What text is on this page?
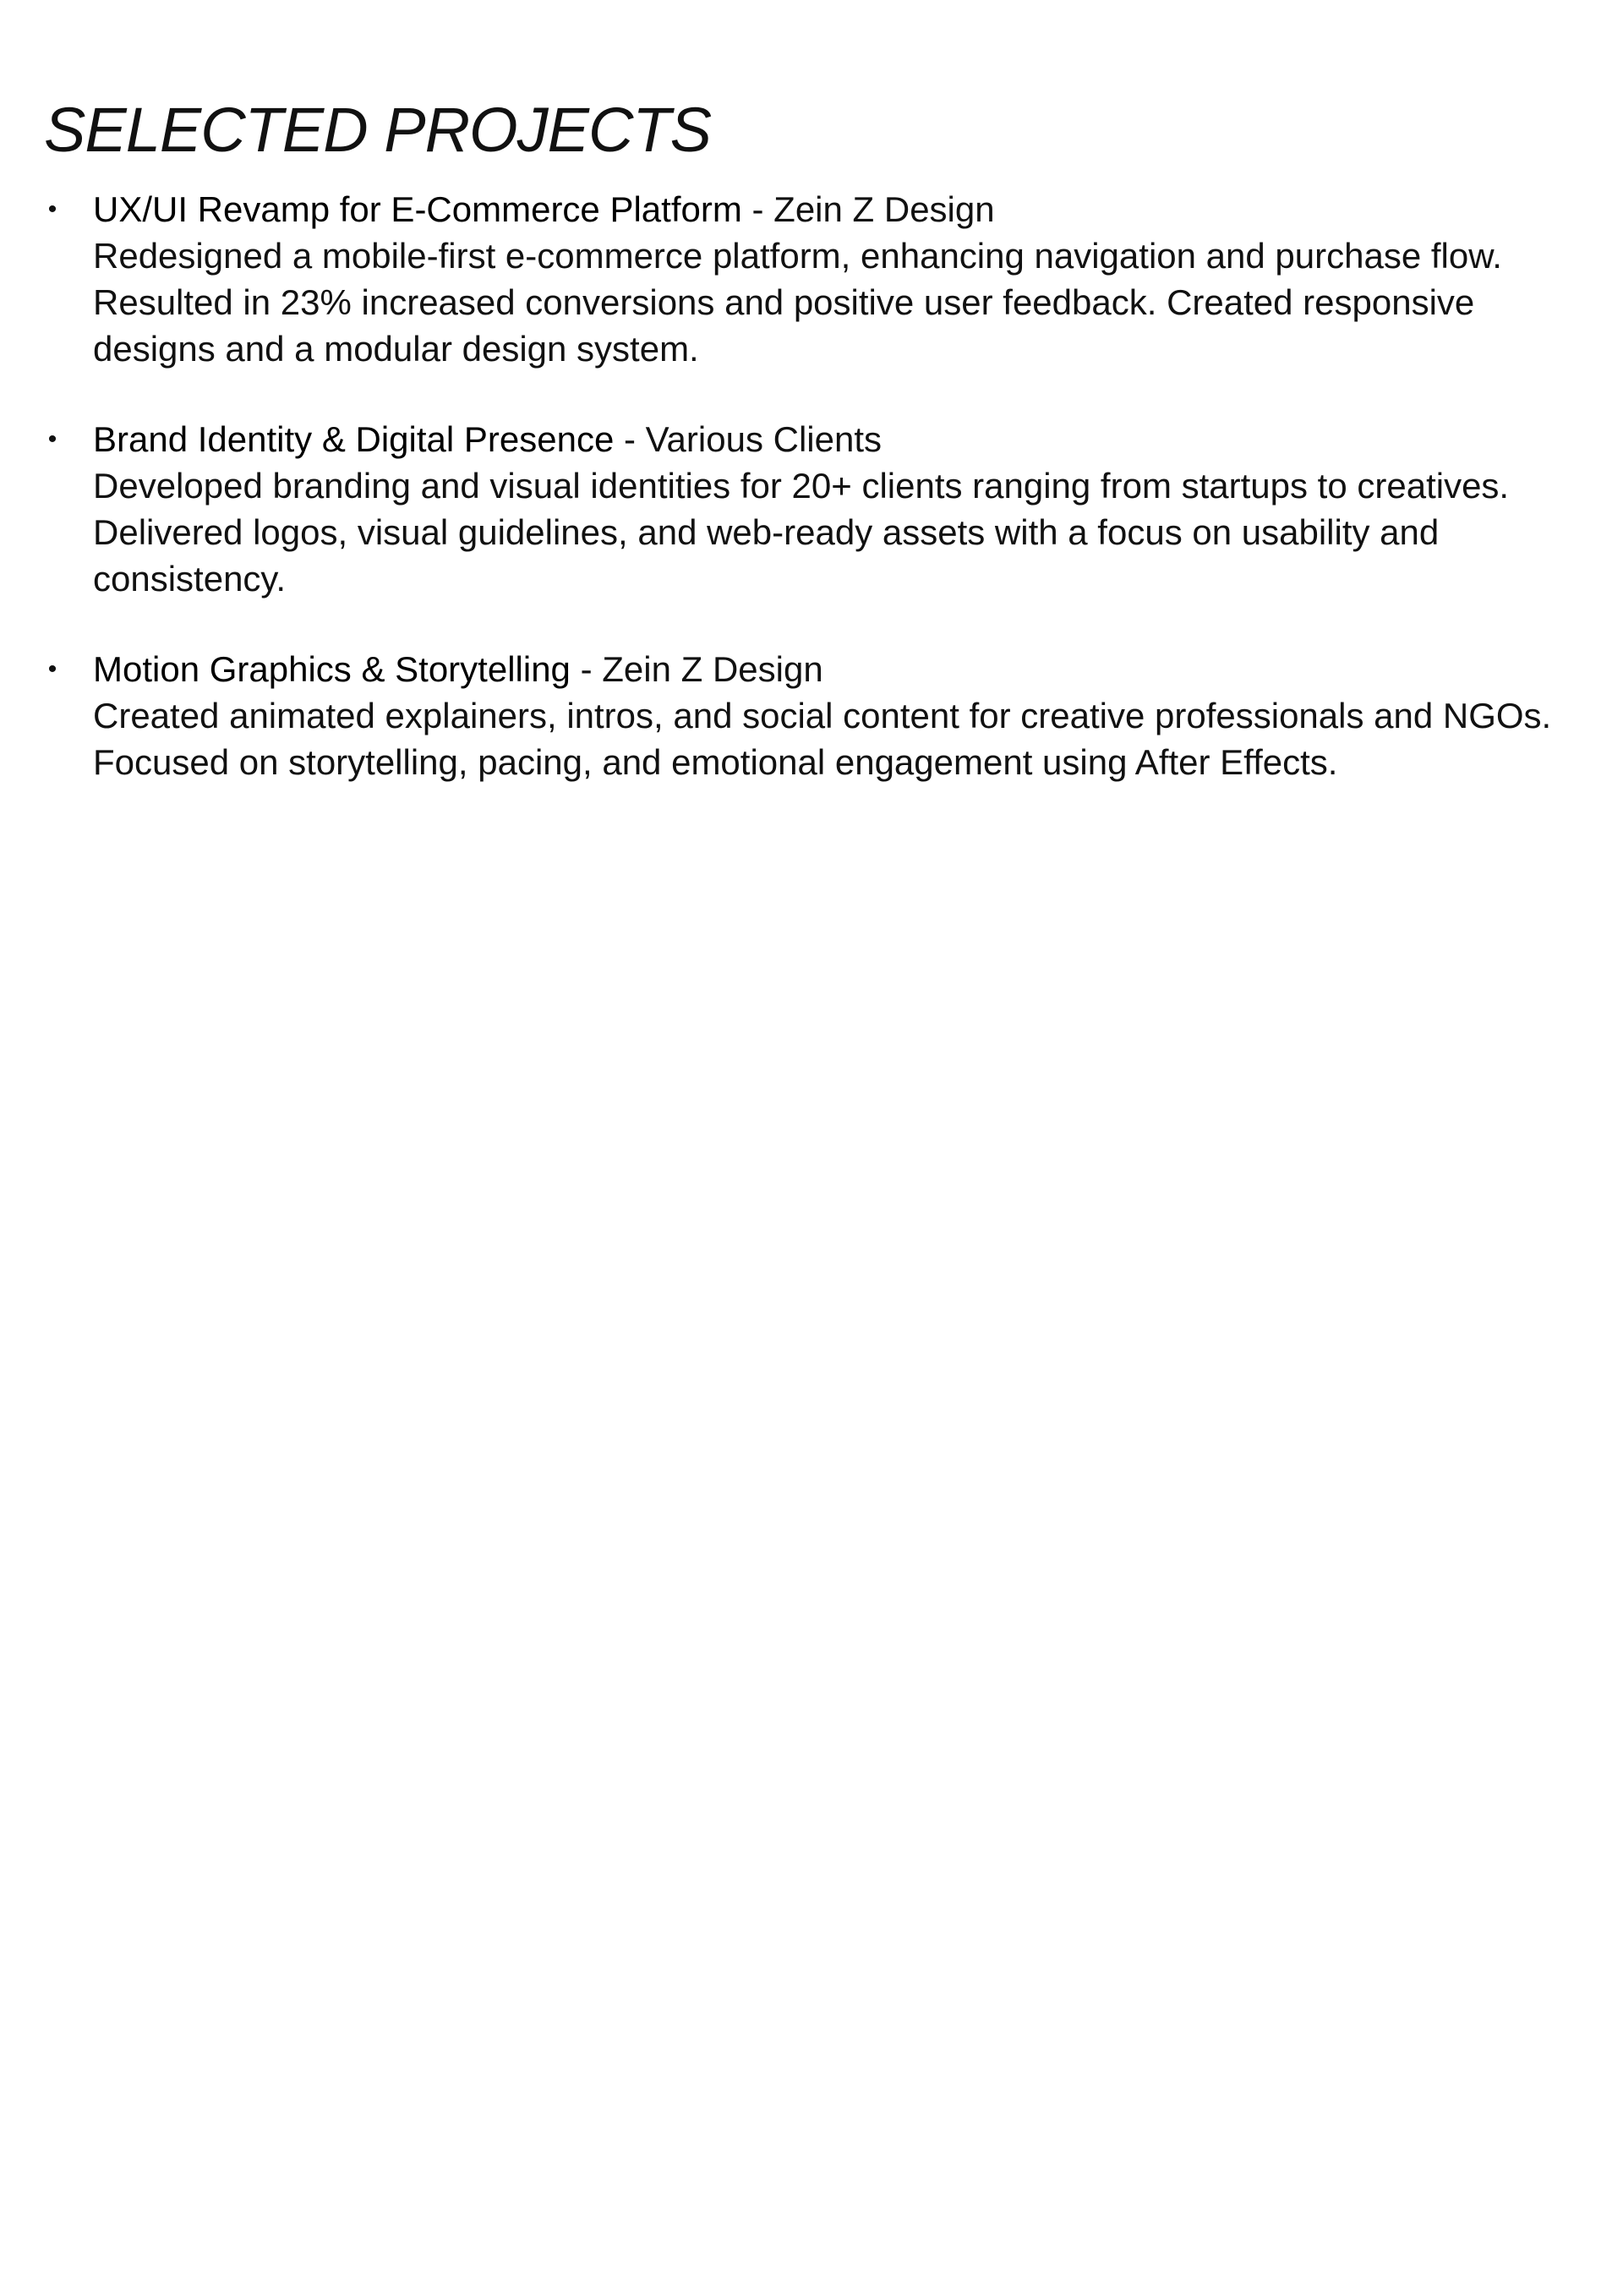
SELECTED PROJECTS
• UX/UI Revamp for E-Commerce Platform - Zein Z Design
Redesigned a mobile-first e-commerce platform, enhancing navigation and purchase flow. Resulted in 23% increased conversions and positive user feedback. Created responsive designs and a modular design system.
• Brand Identity & Digital Presence - Various Clients
Developed branding and visual identities for 20+ clients ranging from startups to creatives. Delivered logos, visual guidelines, and web-ready assets with a focus on usability and consistency.
• Motion Graphics & Storytelling - Zein Z Design
Created animated explainers, intros, and social content for creative professionals and NGOs. Focused on storytelling, pacing, and emotional engagement using After Effects.
